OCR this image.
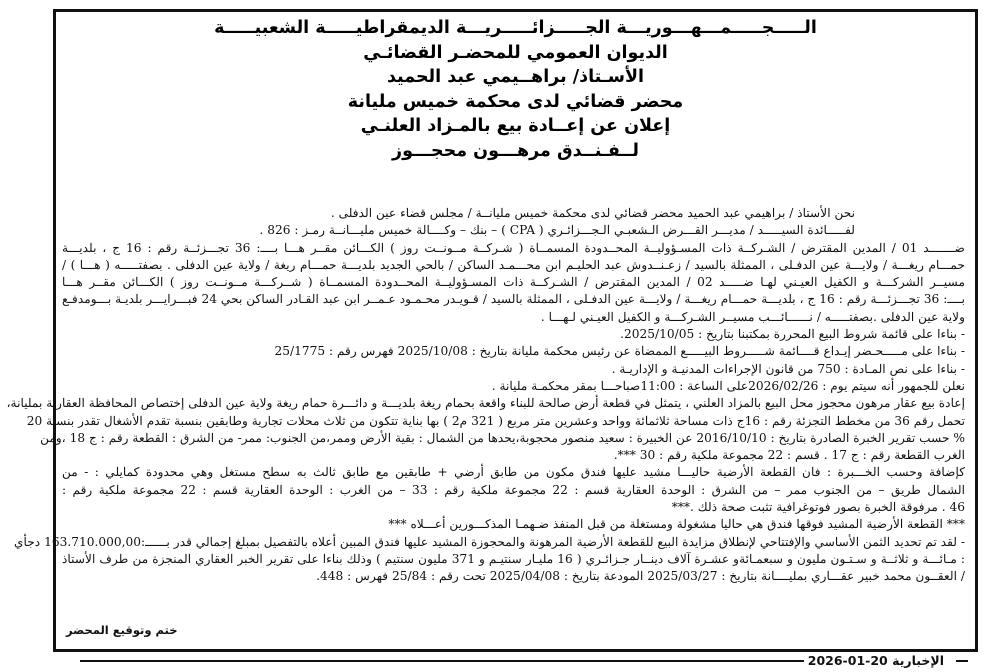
الـــــجـــــمـــهـــوريـــة الجـــــزائـــــريـــة الديمقراطيـــــة الشعبيـــــة
الديوان العمومي للمحضـر القضائـي
الأسـتاذ/ براهــيمي عبد الحميد
محضر قضائي لدى محكمة خميس مليانة
إعلان عن إعــادة بيع بالمـزاد العلنـي
لــفـنــدق مرهـــون محجـــوز
نحن الأستاذ / براهيمي عبد الحميد محضر قضائي لدى محكمة خميس مليانــة / مجلس قضاء عين الدفلى .
لفـــــائدة السيـــــد / مديـــر القـــرض الـشعبـي الـجـــزائـري ( CPA ) – بنك – وكــــالة خميس مليـــانــة رمـز : 826 .
ضـــــــد 01 / المدين المقترض / الشـركــة ذات المسـؤوليــة المحــدودة المسمــاة ( شـركــة مــونــت روز ) الكـــائن مقــر هـــا بــــ: 36 تجـــزئــة رقم : 16 ج ، بلديـــة
حمـــام ريغـــة / ولايـــة عين الدفـلى ، الممثلة بالسيد / زعـنــدوش عبد الحليـم ابن محـــمـد الساكن / بالحي الجديد بلديـــة حمـــام ريغة / ولاية عين الدفلى . بصفتـــــه ( هـــا ) /
مسيــر الشركـــة و الكفيل العيـني لهـا ضـــــد 02 / المدين المقترض / الشـركــة ذات المسـؤوليــة المحــدودة المسمــاة ( شــركـــة مــونــت روز ) الكـــائن مقــر هـــا
بــــ: 36 تجـــزئـــة رقم : 16 ج ، بلديـــة حمـــام ريغـــة / ولايـــة عين الدفـلى ، الممثلة بالسيد / قـويـدر محـمـود عـمــر ابن عبد القـادر الساكن بحي 24 فبـــرايـــر بلديـة بـــومدفـع
ولاية عين الدفلى .بصفتـــــه / نــــــائـــب مسيــر الشـركـــة و الكفيل العيـني لـهـــا .
- بناءا على قائمة شروط البيع المحررة بمكتبنا بتاريخ : 2025/10/05.
- بناءا على مـــــحـضر إيـداع قــــائمة شـــــروط البيـــــع الممضاة عن رئيس محكمة مليانة بتاريخ : 2025/10/08 فهرس رقم : 25/1775
- بناءا على نص المـادة : 750 من قانون الإجراءات المدنيـة و الإداريـة .
نعلن للجمهور أنه سيتم يوم : 2026/02/26على الساعة : 11:00صباحـــا بمقر محكمـة مليانة .
إعادة بيع عقار مرهون محجوز محل البيع بالمزاد العلني ، يتمثل في قطعة أرض صالحة للبناء واقعة بحمام ريغة بلديـــة و دائـــرة حمام ريغة ولاية عين الدفلى إختصاص المحافظة العقارية بمليانة،
تحمل رقم 36 من مخطط التجزئة رقم : 16ج ذات مساحة ثلاثمائة وواحد وعشرين متر مربع ( 321 م2 ) بها بناية تتكون من ثلاث محلات تجارية وطابقين بنسبة تقدم الأشغال تقدر بنسبة 20
% حسب تقرير الخبرة الصادرة بتاريخ : 2016/10/10 عن الخبيرة : سعيد منصور محجوبة،يحدها من الشمال : بقية الأرض وممر،من الجنوب: ممر- من الشرق : القطعة رقم : ج 18 ،ومن
الغرب القطعة رقم : ج 17 . قسم : 22 مجموعة ملكية رقم : 30 ***.
كإضافة وحسب الخـــبرة : فان القطعة الأرضية حاليـــا مشيد عليها فندق مكون من طابق أرضي + طابقين مع طابق ثالث به سطح مستغل وهي محدودة كمايلي : - من
الشمال طريق – من الجنوب ممر – من الشرق : الوحدة العقارية قسم : 22 مجموعة ملكية رقم : 33 – من الغرب : الوحدة العقارية قسم : 22 مجموعة ملكية رقم :
46 . مرفوقة الخبرة بصور فوتوغرافية تثبت صحة ذلك .***
*** القطعة الأرضية المشيد فوقها فندق هي حاليا مشغولة ومستغلة من قبل المنفذ ضـهمـا المذكـــورين أعـــلاه ***
- لقد تم تحديد الثمن الأساسي والإفتتاحي لإنطلاق مزايدة البيع للقطعة الأرضية المرهونة والمحجوزة المشيد عليها فندق المبين أعلاه بالتفصيل بمبلغ إجمالي قدر بــــــ:163.710.000,00 دجأي
: مـائـــة و ثلاثــة و سـتـون مليون و سبعمـائةو عشـرة آلاف دينــار جـزائـري ( 16 مليـار سنتيـم و 371 مليون سنتيم ) وذلك بناءا على تقرير الخبر العقاري المنجزة من طرف الأستاذ
/ العقــون محمد خبير عقـــاري بمليــــانة بتاريخ : 2025/03/27 المودعة بتاريخ : 2025/04/08 تحت رقم : 25/84 فهرس : 448.
ختم وتوقيع المحضر
الإخبارية 20-01-2026
